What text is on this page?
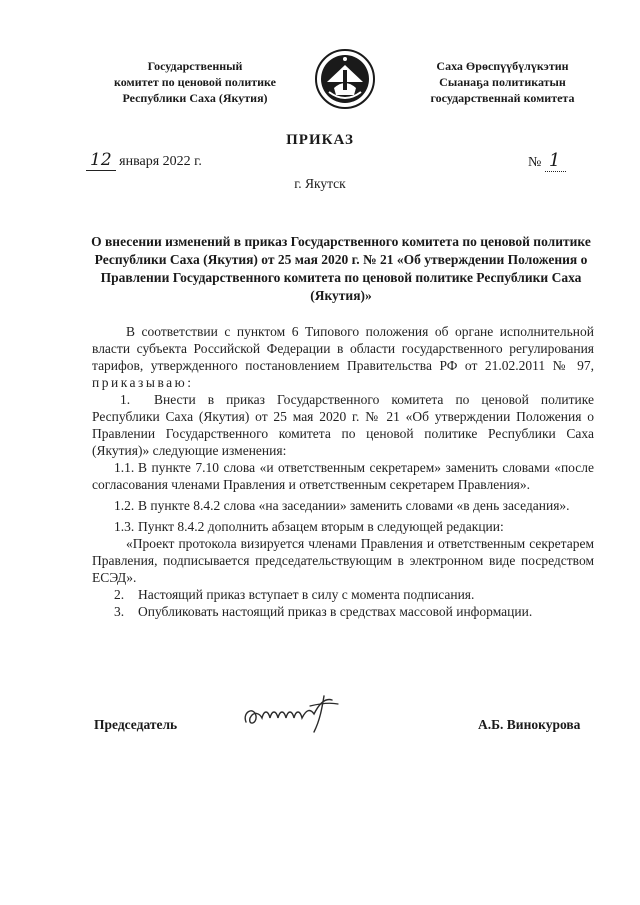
Государственный
комитет по ценовой политике
Республики Саха (Якутия)
Саха Өрөспүүбүлүкэтин
Сыанаҕа политикатын
государственнай комитета
ПРИКАЗ
12 января 2022 г.	№ 1
г. Якутск
О внесении изменений в приказ Государственного комитета по ценовой политике Республики Саха (Якутия) от 25 мая 2020 г. № 21 «Об утверждении Положения о Правлении Государственного комитета по ценовой политике Республики Саха (Якутия)»

В соответствии с пунктом 6 Типового положения об органе исполнительной власти субъекта Российской Федерации в области государственного регулирования тарифов, утвержденного постановлением Правительства РФ от 21.02.2011 № 97, приказываю:

1. Внести в приказ Государственного комитета по ценовой политике Республики Саха (Якутия) от 25 мая 2020 г. № 21 «Об утверждении Положения о Правлении Государственного комитета по ценовой политике Республики Саха (Якутия)» следующие изменения:

1.1. В пункте 7.10 слова «и ответственным секретарем» заменить словами «после согласования членами Правления и ответственным секретарем Правления».

1.2. В пункте 8.4.2 слова «на заседании» заменить словами «в день заседания».

1.3. Пункт 8.4.2 дополнить абзацем вторым в следующей редакции:

«Проект протокола визируется членами Правления и ответственным секретарем Правления, подписывается председательствующим в электронном виде посредством ЕСЭД».

2. Настоящий приказ вступает в силу с момента подписания.

3. Опубликовать настоящий приказ в средствах массовой информации.

Председатель	А.Б. Винокурова
